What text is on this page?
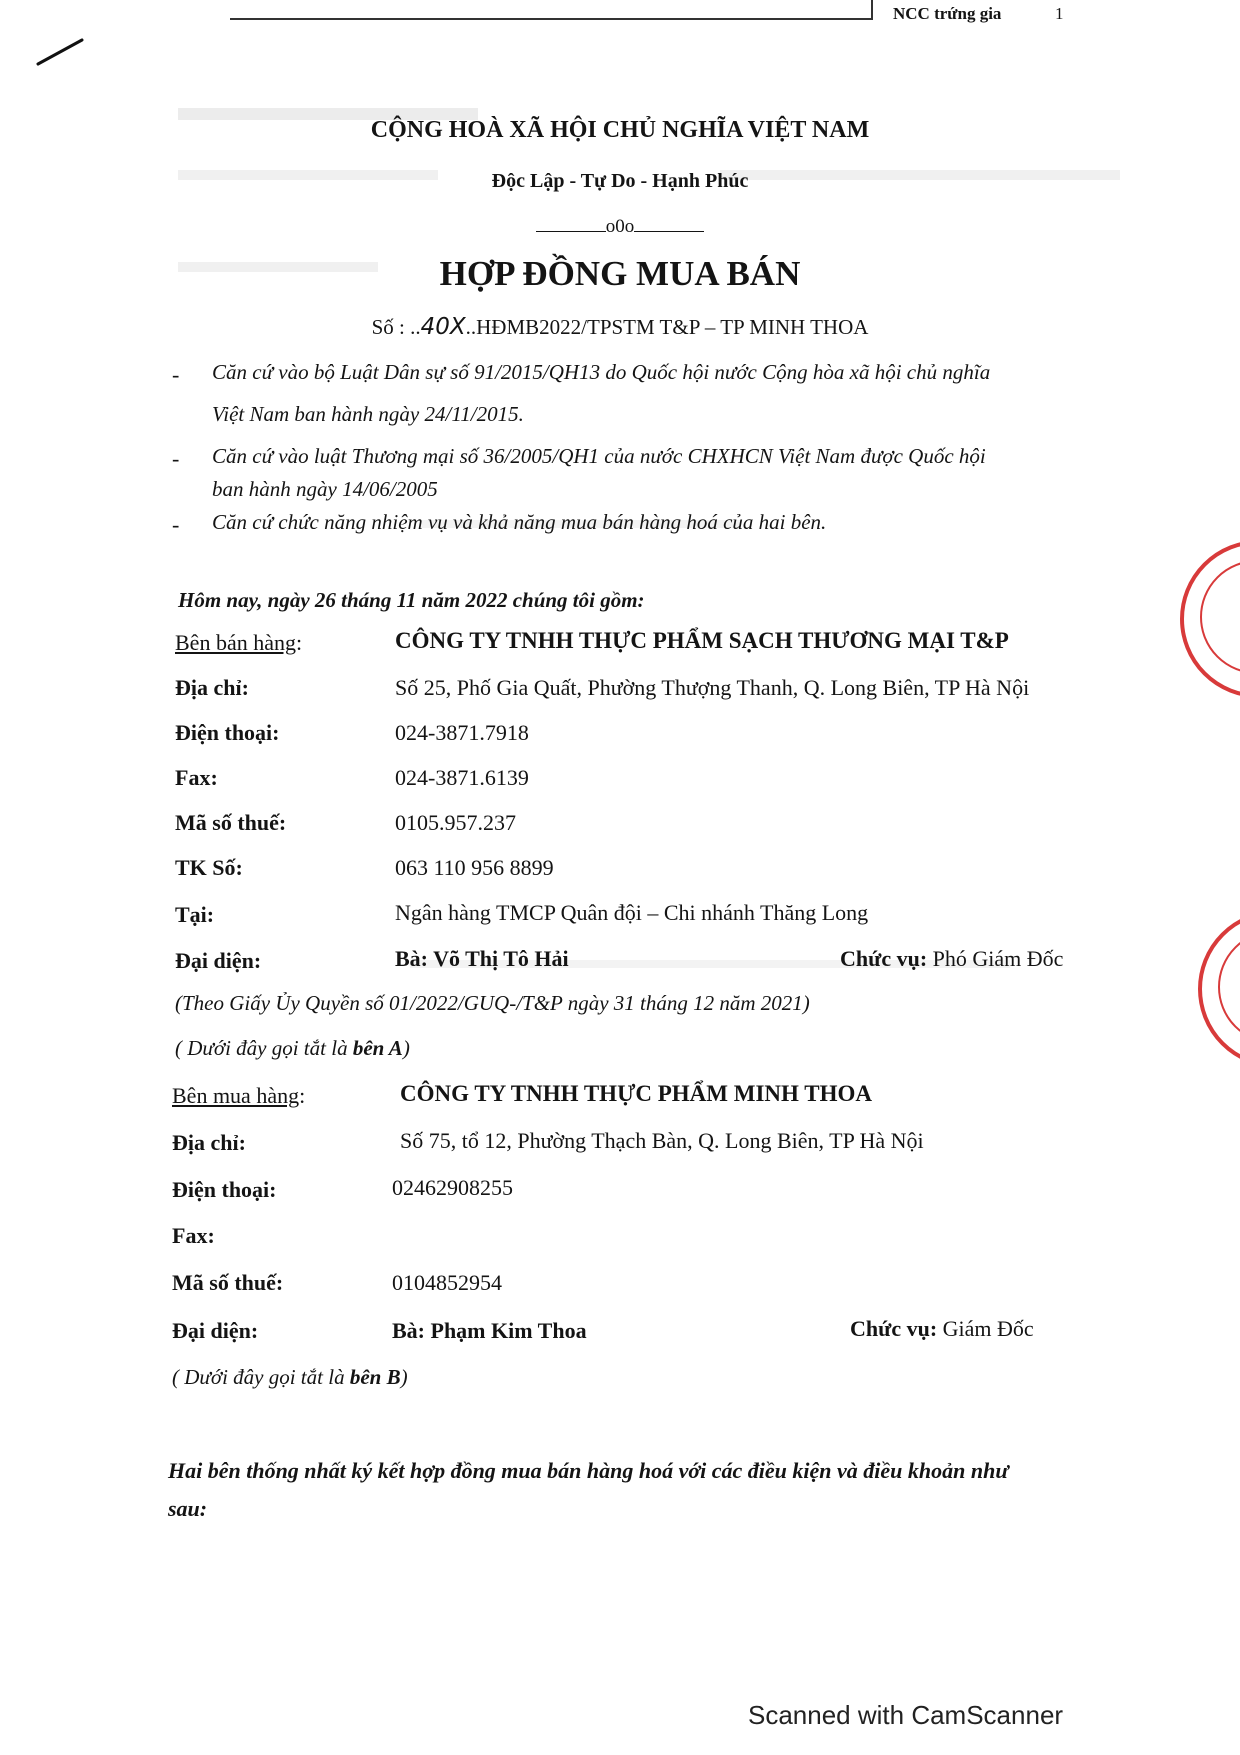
NCC trứng gia	1
CỘNG HOÀ XÃ HỘI CHỦ NGHĨA VIỆT NAM
Độc Lập - Tự Do - Hạnh Phúc
o0o
HỢP ĐỒNG MUA BÁN
Số : ..40X..HĐMB2022/TPSTM T&P – TP MINH THOA
- Căn cứ vào bộ Luật Dân sự số 91/2015/QH13 do Quốc hội nước Cộng hòa xã hội chủ nghĩa
Việt Nam ban hành ngày 24/11/2015.
- Căn cứ vào luật Thương mại số 36/2005/QH1 của nước CHXHCN Việt Nam được Quốc hội
ban hành ngày 14/06/2005
- Căn cứ chức năng nhiệm vụ và khả năng mua bán hàng hoá của hai bên.
Hôm nay, ngày 26 tháng 11 năm 2022 chúng tôi gồm:
Bên bán hàng:	CÔNG TY TNHH THỰC PHẨM SẠCH THƯƠNG MẠI T&P
Địa chỉ:	Số 25, Phố Gia Quất, Phường Thượng Thanh, Q. Long Biên, TP Hà Nội
Điện thoại:	024-3871.7918
Fax:	024-3871.6139
Mã số thuế:	0105.957.237
TK Số:	063 110 956 8899
Tại:	Ngân hàng TMCP Quân đội – Chi nhánh Thăng Long
Đại diện:	Bà: Võ Thị Tô Hải	Chức vụ: Phó Giám Đốc
(Theo Giấy Ủy Quyền số 01/2022/GUQ-/T&P ngày 31 tháng 12 năm 2021)
( Dưới đây gọi tắt là bên A)
Bên mua hàng:	CÔNG TY TNHH THỰC PHẨM MINH THOA
Địa chỉ:	Số 75, tổ 12, Phường Thạch Bàn, Q. Long Biên, TP Hà Nội
Điện thoại:	02462908255
Fax:
Mã số thuế:	0104852954
Đại diện:	Bà: Phạm Kim Thoa	Chức vụ: Giám Đốc
( Dưới đây gọi tắt là bên B)
Hai bên thống nhất ký kết hợp đồng mua bán hàng hoá với các điều kiện và điều khoản như
sau:
Scanned with CamScanner
